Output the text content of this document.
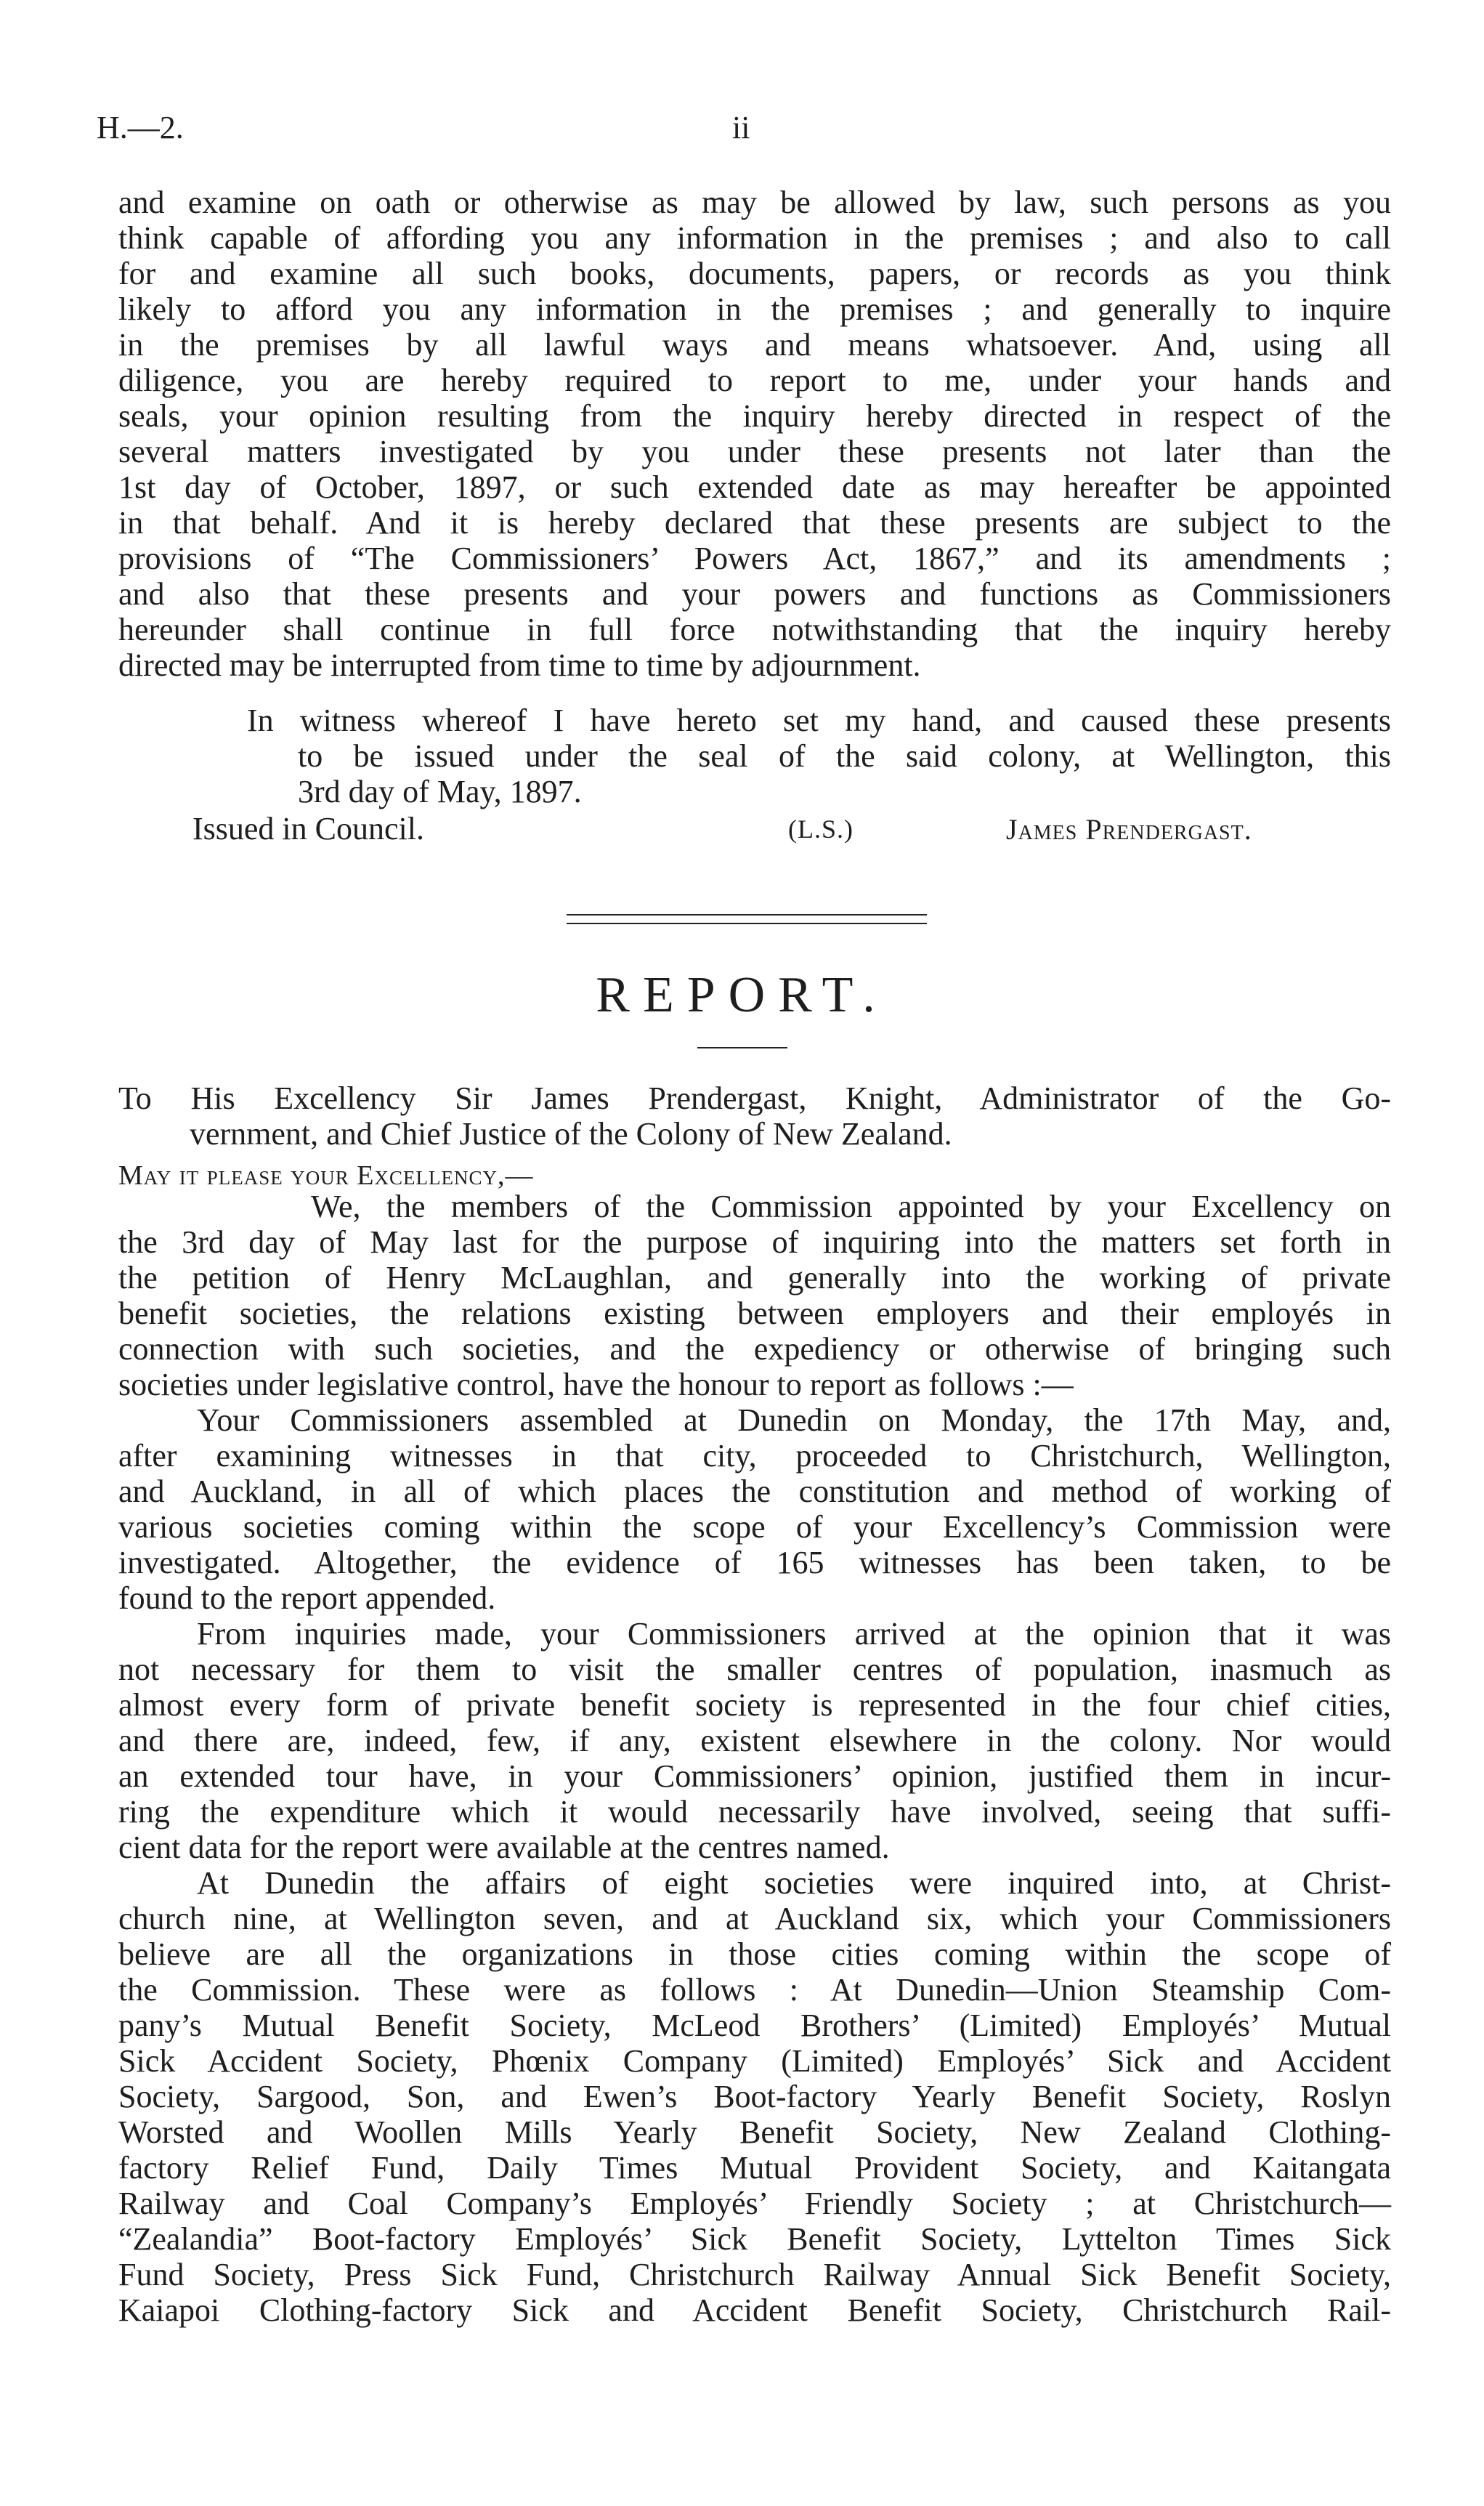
H.—2.	ii
and examine on oath or otherwise as may be allowed by law, such persons as you
think capable of affording you any information in the premises ; and also to call
for and examine all such books, documents, papers, or records as you think
likely to afford you any information in the premises ; and generally to inquire
in the premises by all lawful ways and means whatsoever. And, using all
diligence, you are hereby required to report to me, under your hands and
seals, your opinion resulting from the inquiry hereby directed in respect of the
several matters investigated by you under these presents not later than the
1st day of October, 1897, or such extended date as may hereafter be appointed
in that behalf. And it is hereby declared that these presents are subject to the
provisions of “The Commissioners’ Powers Act, 1867,” and its amendments ;
and also that these presents and your powers and functions as Commissioners
hereunder shall continue in full force notwithstanding that the inquiry hereby
directed may be interrupted from time to time by adjournment.
In witness whereof I have hereto set my hand, and caused these presents
to be issued under the seal of the said colony, at Wellington, this
3rd day of May, 1897.
Issued in Council.	(L.S.)	James Prendergast.
REPORT.
To His Excellency Sir James Prendergast, Knight, Administrator of the Go-
vernment, and Chief Justice of the Colony of New Zealand.
May it please your Excellency,—
We, the members of the Commission appointed by your Excellency on
the 3rd day of May last for the purpose of inquiring into the matters set forth in
the petition of Henry McLaughlan, and generally into the working of private
benefit societies, the relations existing between employers and their employés in
connection with such societies, and the expediency or otherwise of bringing such
societies under legislative control, have the honour to report as follows :—
Your Commissioners assembled at Dunedin on Monday, the 17th May, and,
after examining witnesses in that city, proceeded to Christchurch, Wellington,
and Auckland, in all of which places the constitution and method of working of
various societies coming within the scope of your Excellency’s Commission were
investigated. Altogether, the evidence of 165 witnesses has been taken, to be
found to the report appended.
From inquiries made, your Commissioners arrived at the opinion that it was
not necessary for them to visit the smaller centres of population, inasmuch as
almost every form of private benefit society is represented in the four chief cities,
and there are, indeed, few, if any, existent elsewhere in the colony. Nor would
an extended tour have, in your Commissioners’ opinion, justified them in incur-
ring the expenditure which it would necessarily have involved, seeing that suffi-
cient data for the report were available at the centres named.
At Dunedin the affairs of eight societies were inquired into, at Christ-
church nine, at Wellington seven, and at Auckland six, which your Commissioners
believe are all the organizations in those cities coming within the scope of
the Commission. These were as follows : At Dunedin—Union Steamship Com-
pany’s Mutual Benefit Society, McLeod Brothers’ (Limited) Employés’ Mutual
Sick Accident Society, Phœnix Company (Limited) Employés’ Sick and Accident
Society, Sargood, Son, and Ewen’s Boot-factory Yearly Benefit Society, Roslyn
Worsted and Woollen Mills Yearly Benefit Society, New Zealand Clothing-
factory Relief Fund, Daily Times Mutual Provident Society, and Kaitangata
Railway and Coal Company’s Employés’ Friendly Society ; at Christchurch—
“Zealandia” Boot-factory Employés’ Sick Benefit Society, Lyttelton Times Sick
Fund Society, Press Sick Fund, Christchurch Railway Annual Sick Benefit Society,
Kaiapoi Clothing-factory Sick and Accident Benefit Society, Christchurch Rail-
